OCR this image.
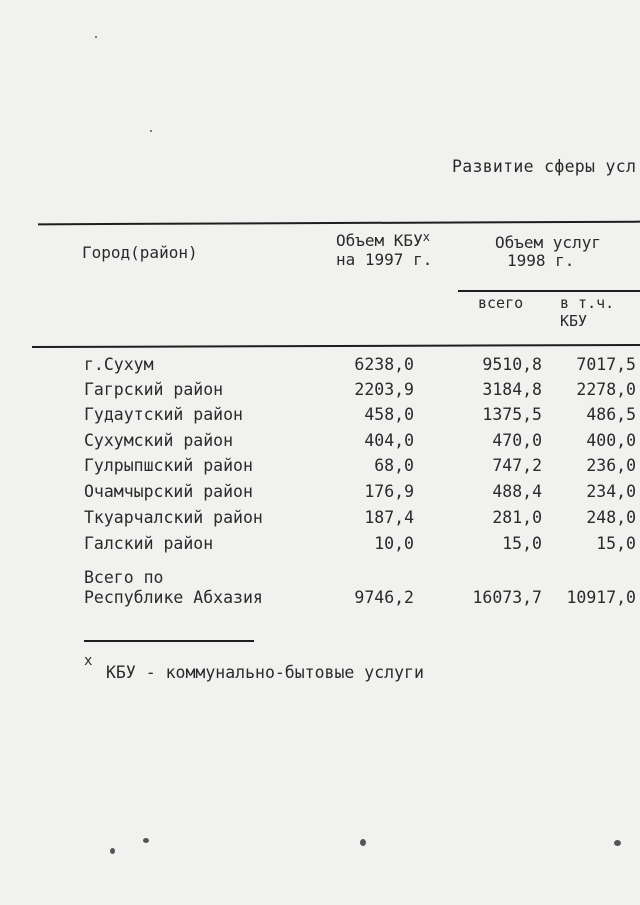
Развитие сферы усл
Город(район)
Объем КБУ$^x$
на 1997 г.
Объем услуг
1998 г.
всего в т.ч.
КБУ
г.Сухум	6238,0	9510,8 7017,5
Гагрский район	2203,9	3184,8 2278,0
Гудаутский район	458,0	1375,5	486,5
Сухумский район	404,0	470,0	400,0
Гулрыпшский район	68,0	747,2	236,0
Очамчырский район	176,9	488,4	234,0
Ткуарчалский район	187,4	281,0	248,0
Галский район	10,0	15,0	15,0
Всего по
Республике Абхазия	9746,2	16073,7 10917,0
x
КБУ - коммунально-бытовые услуги
